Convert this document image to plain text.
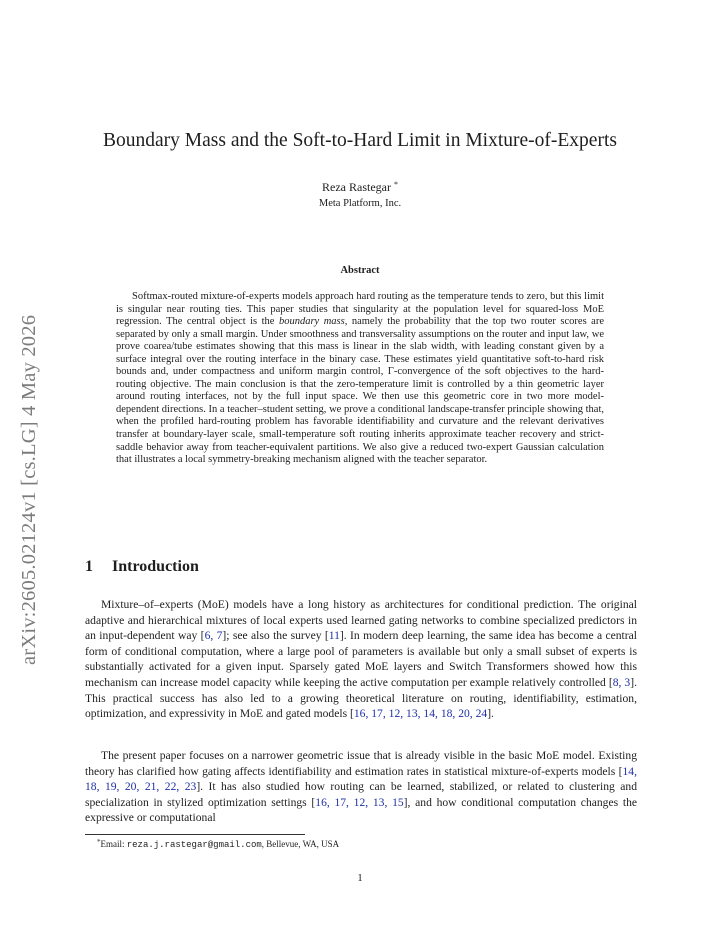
arXiv:2605.02124v1 [cs.LG] 4 May 2026
Boundary Mass and the Soft-to-Hard Limit in Mixture-of-Experts
Reza Rastegar *
Meta Platform, Inc.
Abstract

Softmax-routed mixture-of-experts models approach hard routing as the temperature tends to zero, but this limit is singular near routing ties. This paper studies that singularity at the population level for squared-loss MoE regression. The central object is the boundary mass, namely the probability that the top two router scores are separated by only a small margin. Under smoothness and transversality assumptions on the router and input law, we prove coarea/tube estimates showing that this mass is linear in the slab width, with leading constant given by a surface integral over the routing interface in the binary case. These estimates yield quantitative soft-to-hard risk bounds and, under compactness and uniform margin control, Γ-convergence of the soft objectives to the hard-routing objective. The main conclusion is that the zero-temperature limit is controlled by a thin geometric layer around routing interfaces, not by the full input space. We then use this geometric core in two more model-dependent directions. In a teacher–student setting, we prove a conditional landscape-transfer principle showing that, when the profiled hard-routing problem has favorable identifiability and curvature and the relevant derivatives transfer at boundary-layer scale, small-temperature soft routing inherits approximate teacher recovery and strict-saddle behavior away from teacher-equivalent partitions. We also give a reduced two-expert Gaussian calculation that illustrates a local symmetry-breaking mechanism aligned with the teacher separator.

1 Introduction

Mixture–of–experts (MoE) models have a long history as architectures for conditional prediction. The original adaptive and hierarchical mixtures of local experts used learned gating networks to combine specialized predictors in an input-dependent way [6, 7]; see also the survey [11]. In modern deep learning, the same idea has become a central form of conditional computation, where a large pool of parameters is available but only a small subset of experts is substantially activated for a given input. Sparsely gated MoE layers and Switch Transformers showed how this mechanism can increase model capacity while keeping the active computation per example relatively controlled [8, 3]. This practical success has also led to a growing theoretical literature on routing, identifiability, estimation, optimization, and expressivity in MoE and gated models [16, 17, 12, 13, 14, 18, 20, 24].

The present paper focuses on a narrower geometric issue that is already visible in the basic MoE model. Existing theory has clarified how gating affects identifiability and estimation rates in statistical mixture-of-experts models [14, 18, 19, 20, 21, 22, 23]. It has also studied how routing can be learned, stabilized, or related to clustering and specialization in stylized optimization settings [16, 17, 12, 13, 15], and how conditional computation changes the expressive or computational

*Email: reza.j.rastegar@gmail.com, Bellevue, WA, USA
1
